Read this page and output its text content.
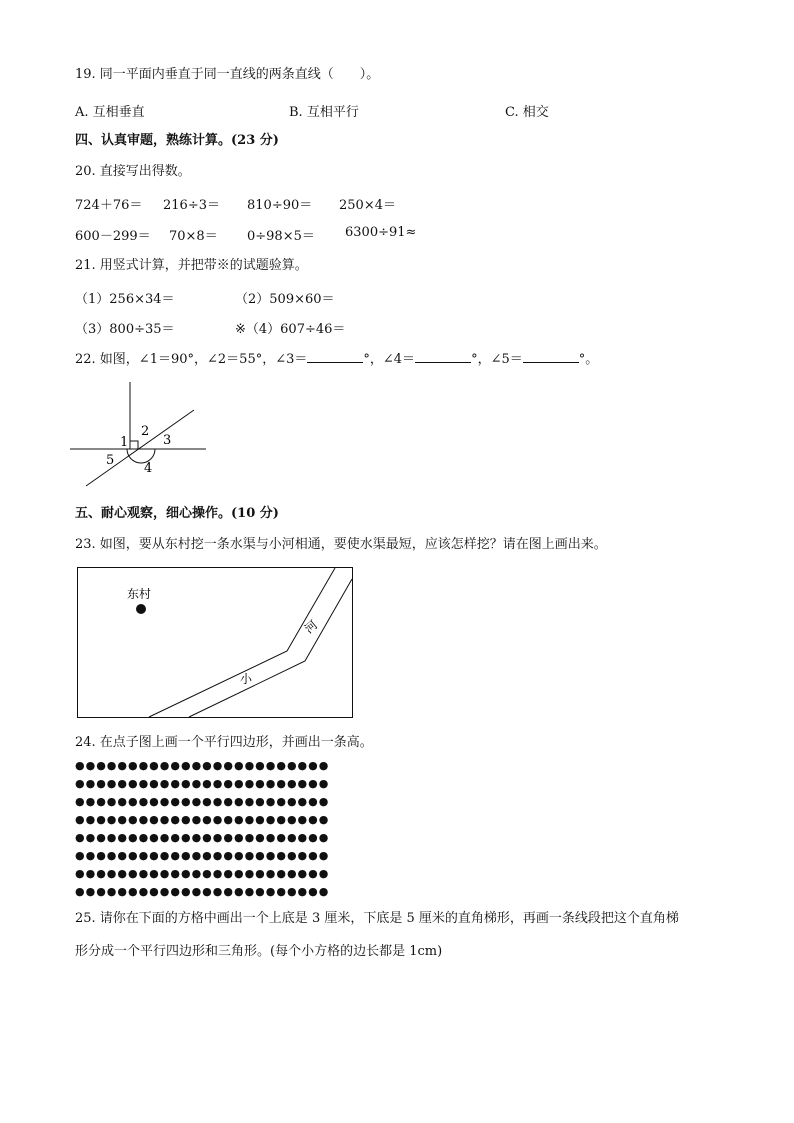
19. 同一平面内垂直于同一直线的两条直线（　　）。
A. 互相垂直	B. 互相平行	C. 相交
四、认真审题，熟练计算。(23 分)
20. 直接写出得数。
724＋76＝ 216÷3＝ 810÷90＝ 250×4＝
600－299＝ 70×8＝ 0÷98×5＝ 6300÷91≈
21. 用竖式计算，并把带※的试题验算。
（1）256×34＝	（2）509×60＝
（3）800÷35＝	※（4）607÷46＝
22. 如图，∠1＝90°，∠2＝55°，∠3＝	°，∠4＝	°，∠5＝	°。
1
2
3
4
5
五、耐心观察，细心操作。(10 分)
23. 如图，要从东村挖一条水渠与小河相通，要使水渠最短，应该怎样挖？请在图上画出来。
东村
河
小
24. 在点子图上画一个平行四边形，并画出一条高。
●●●●●●●●●●●●●●●●●●●●●●●●
●●●●●●●●●●●●●●●●●●●●●●●●
●●●●●●●●●●●●●●●●●●●●●●●●
●●●●●●●●●●●●●●●●●●●●●●●●
●●●●●●●●●●●●●●●●●●●●●●●●
●●●●●●●●●●●●●●●●●●●●●●●●
●●●●●●●●●●●●●●●●●●●●●●●●
●●●●●●●●●●●●●●●●●●●●●●●●
25. 请你在下面的方格中画出一个上底是 3 厘米，下底是 5 厘米的直角梯形，再画一条线段把这个直角梯
形分成一个平行四边形和三角形。(每个小方格的边长都是 1cm)
